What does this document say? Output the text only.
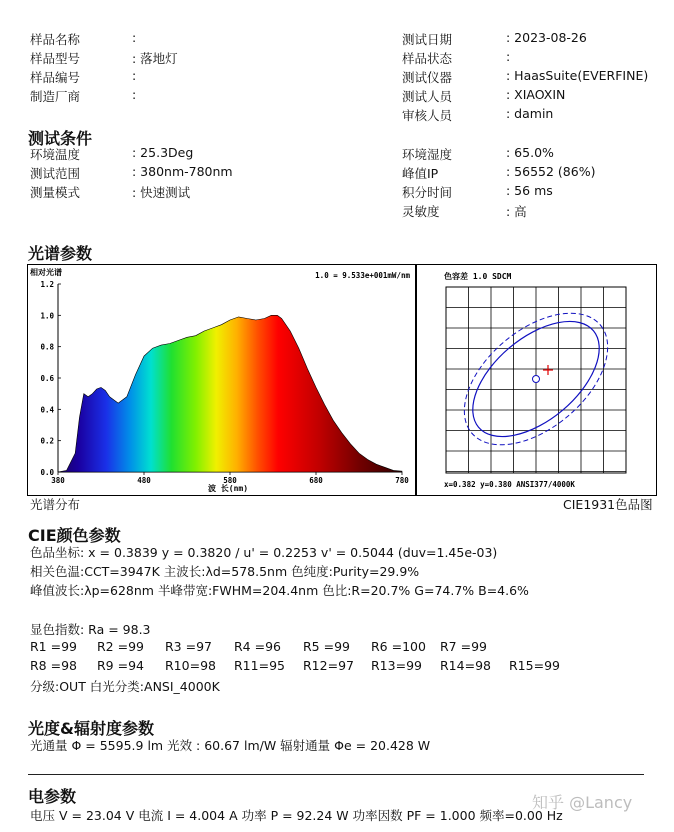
样品名称	:
样品型号	: 落地灯
样品编号	:
制造厂商	:
测试日期	: 2023-08-26
样品状态	:
测试仪器	: HaasSuite(EVERFINE)
测试人员	: XIAOXIN
审核人员	: damin
测试条件
环境温度	: 25.3Deg
测试范围	: 380nm-780nm
测量模式	: 快速测试
环境湿度	: 65.0%
峰值IP	: 56552 (86%)
积分时间	: 56 ms
灵敏度	: 高
光谱参数
相对光谱	1.0 = 9.533e+001mW/nm
0.0
0.2
0.4
0.6
0.8
1.0
1.2
380	480	580	680	780
波 长(nm)
色容差 1.0 SDCM
x=0.382 y=0.380 ANSI377/4000K
光谱分布	CIE1931色品图
CIE颜色参数
色品坐标: x = 0.3839 y = 0.3820 / u' = 0.2253 v' = 0.5044 (duv=1.45e-03)
相关色温:CCT=3947K 主波长:λd=578.5nm 色纯度:Purity=29.9%
峰值波长:λp=628nm 半峰带宽:FWHM=204.4nm 色比:R=20.7% G=74.7% B=4.6%
显色指数: Ra = 98.3
R1 =99 R2 =99 R3 =97 R4 =96 R5 =99 R6 =100 R7 =99
R8 =98 R9 =94 R10=98 R11=95 R12=97 R13=99 R14=98 R15=99
分级:OUT 白光分类:ANSI_4000K
光度&辐射度参数
光通量 Φ = 5595.9 lm 光效 : 60.67 lm/W 辐射通量 Φe = 20.428 W
电参数
电压 V = 23.04 V 电流 I = 4.004 A 功率 P = 92.24 W 功率因数 PF = 1.000 频率=0.00 Hz
知乎 @Lancy
